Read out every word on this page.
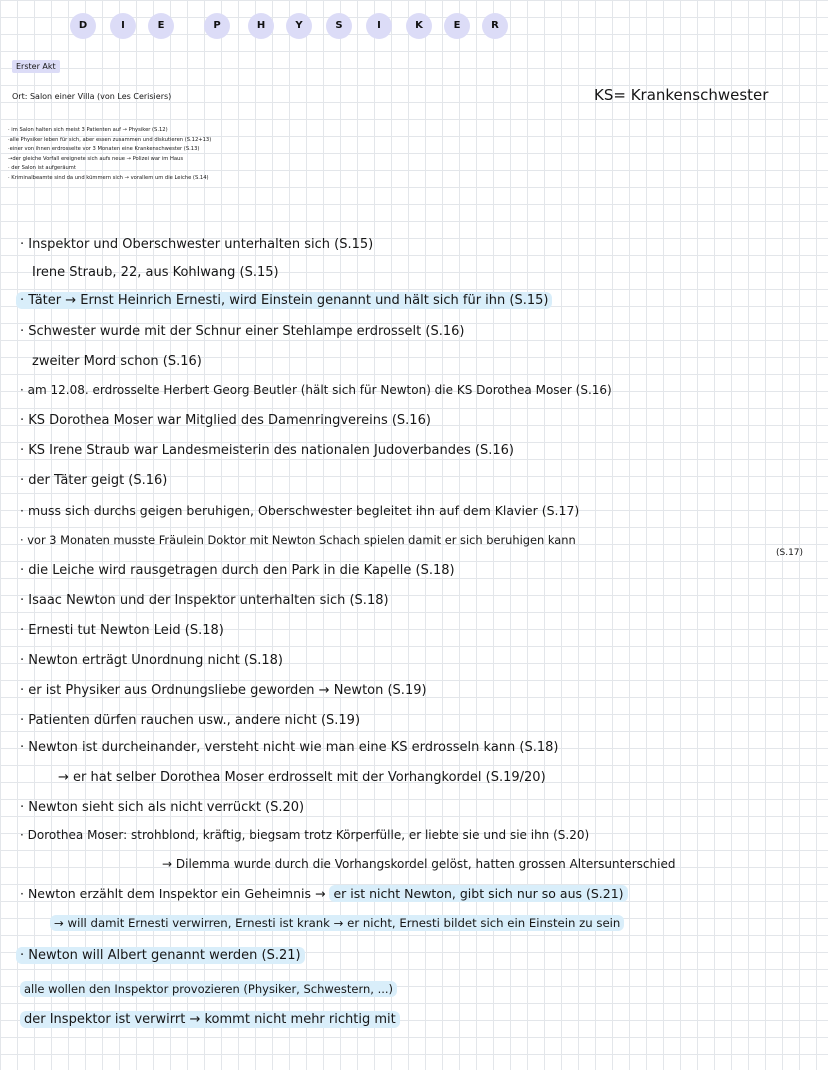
D	I	E	P	H	Y	S	I	K	E	R
Erster Akt
Ort: Salon einer Villa (von Les Cerisiers)	KS= Krankenschwester
· im Salon halten sich meist 3 Patienten auf → Physiker (S.12)
·alle Physiker leben für sich, aber essen zusammen und diskutieren (S.12+13)
·einer von ihnen erdrosselte vor 3 Monaten eine Krankenschwester (S.13)
→der gleiche Vorfall ereignete sich aufs neue → Polizei war im Haus
· der Salon ist aufgeräumt
· Kriminalbeamte sind da und kümmern sich → vorallem um die Leiche (S.14)
· Inspektor und Oberschwester unterhalten sich (S.15)
Irene Straub, 22, aus Kohlwang (S.15)
· Täter → Ernst Heinrich Ernesti, wird Einstein genannt und hält sich für ihn (S.15)
· Schwester wurde mit der Schnur einer Stehlampe erdrosselt (S.16)
zweiter Mord schon (S.16)
· am 12.08. erdrosselte Herbert Georg Beutler (hält sich für Newton) die KS Dorothea Moser (S.16)
· KS Dorothea Moser war Mitglied des Damenringvereins (S.16)
· KS Irene Straub war Landesmeisterin des nationalen Judoverbandes (S.16)
· der Täter geigt (S.16)
· muss sich durchs geigen beruhigen, Oberschwester begleitet ihn auf dem Klavier (S.17)
· vor 3 Monaten musste Fräulein Doktor mit Newton Schach spielen damit er sich beruhigen kann
(S.17)
· die Leiche wird rausgetragen durch den Park in die Kapelle (S.18)
· Isaac Newton und der Inspektor unterhalten sich (S.18)
· Ernesti tut Newton Leid (S.18)
· Newton erträgt Unordnung nicht (S.18)
· er ist Physiker aus Ordnungsliebe geworden → Newton (S.19)
· Patienten dürfen rauchen usw., andere nicht (S.19)
· Newton ist durcheinander, versteht nicht wie man eine KS erdrosseln kann (S.18)
→ er hat selber Dorothea Moser erdrosselt mit der Vorhangkordel (S.19/20)
· Newton sieht sich als nicht verrückt (S.20)
· Dorothea Moser: strohblond, kräftig, biegsam trotz Körperfülle, er liebte sie und sie ihn (S.20)
→ Dilemma wurde durch die Vorhangskordel gelöst, hatten grossen Altersunterschied
· Newton erzählt dem Inspektor ein Geheimnis → er ist nicht Newton, gibt sich nur so aus (S.21)
→ will damit Ernesti verwirren, Ernesti ist krank → er nicht, Ernesti bildet sich ein Einstein zu sein
· Newton will Albert genannt werden (S.21)
alle wollen den Inspektor provozieren (Physiker, Schwestern, ...)
der Inspektor ist verwirrt → kommt nicht mehr richtig mit
